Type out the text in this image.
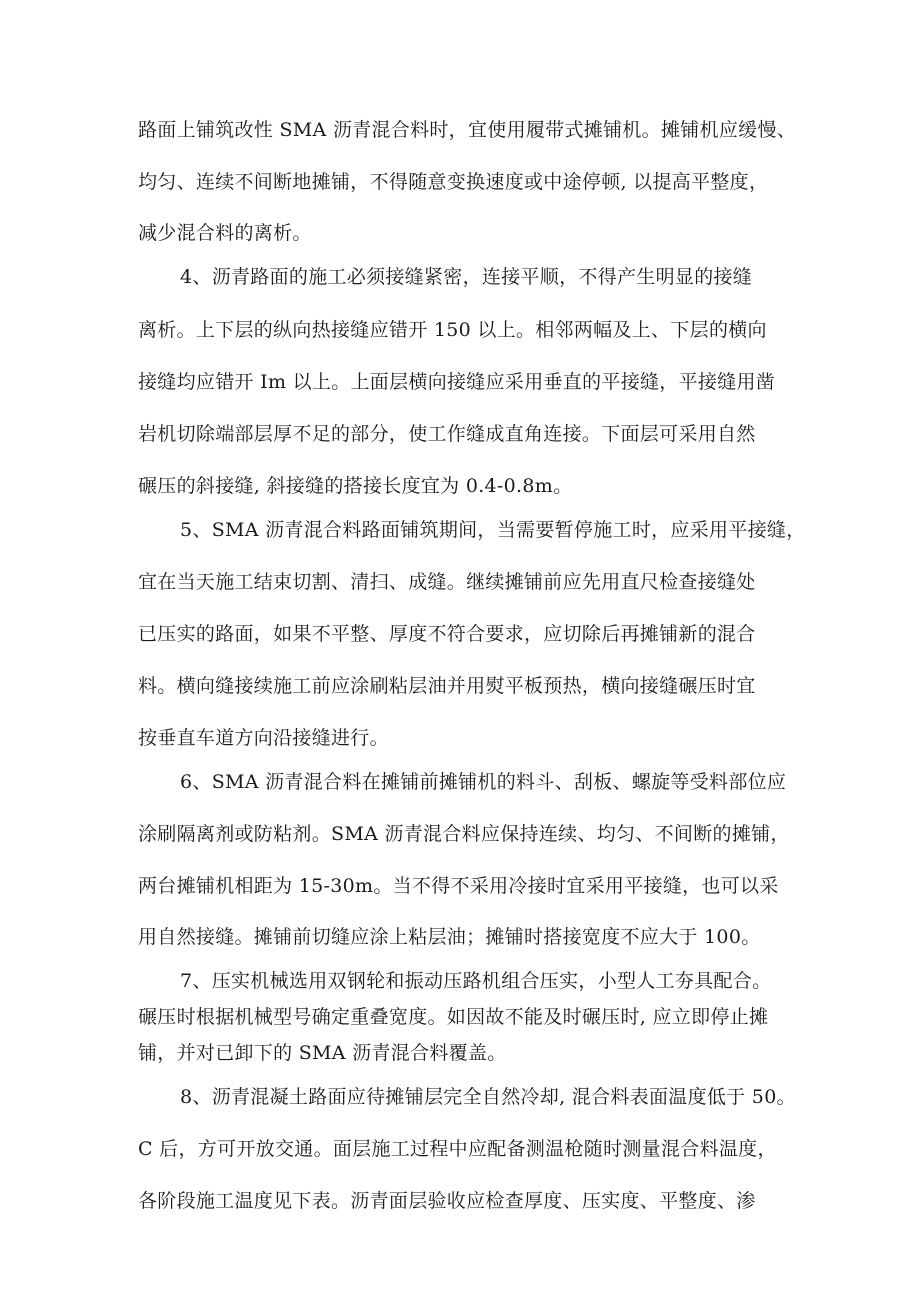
路面上铺筑改性 SMA 沥青混合料时，宜使用履带式摊铺机。摊铺机应缓慢、
均匀、连续不间断地摊铺，不得随意变换速度或中途停顿, 以提高平整度，
减少混合料的离析。
4、沥青路面的施工必须接缝紧密，连接平顺，不得产生明显的接缝
离析。上下层的纵向热接缝应错开 150 以上。相邻两幅及上、下层的横向
接缝均应错开 Im 以上。上面层横向接缝应采用垂直的平接缝，平接缝用凿
岩机切除端部层厚不足的部分，使工作缝成直角连接。下面层可采用自然
碾压的斜接缝, 斜接缝的搭接长度宜为 0.4-0.8m。
5、SMA 沥青混合料路面铺筑期间，当需要暂停施工时，应采用平接缝，
宜在当天施工结束切割、清扫、成缝。继续摊铺前应先用直尺检查接缝处
已压实的路面，如果不平整、厚度不符合要求，应切除后再摊铺新的混合
料。横向缝接续施工前应涂刷粘层油并用熨平板预热，横向接缝碾压时宜
按垂直车道方向沿接缝进行。
6、SMA 沥青混合料在摊铺前摊铺机的料斗、刮板、螺旋等受料部位应
涂刷隔离剂或防粘剂。SMA 沥青混合料应保持连续、均匀、不间断的摊铺，
两台摊铺机相距为 15-30m。当不得不采用冷接时宜采用平接缝，也可以采
用自然接缝。摊铺前切缝应涂上粘层油；摊铺时搭接宽度不应大于 100。
7、压实机械选用双钢轮和振动压路机组合压实，小型人工夯具配合。
碾压时根据机械型号确定重叠宽度。如因故不能及时碾压时, 应立即停止摊
铺，并对已卸下的 SMA 沥青混合料覆盖。
8、沥青混凝土路面应待摊铺层完全自然冷却, 混合料表面温度低于 50。
C 后，方可开放交通。面层施工过程中应配备测温枪随时测量混合料温度，
各阶段施工温度见下表。沥青面层验收应检查厚度、压实度、平整度、渗
